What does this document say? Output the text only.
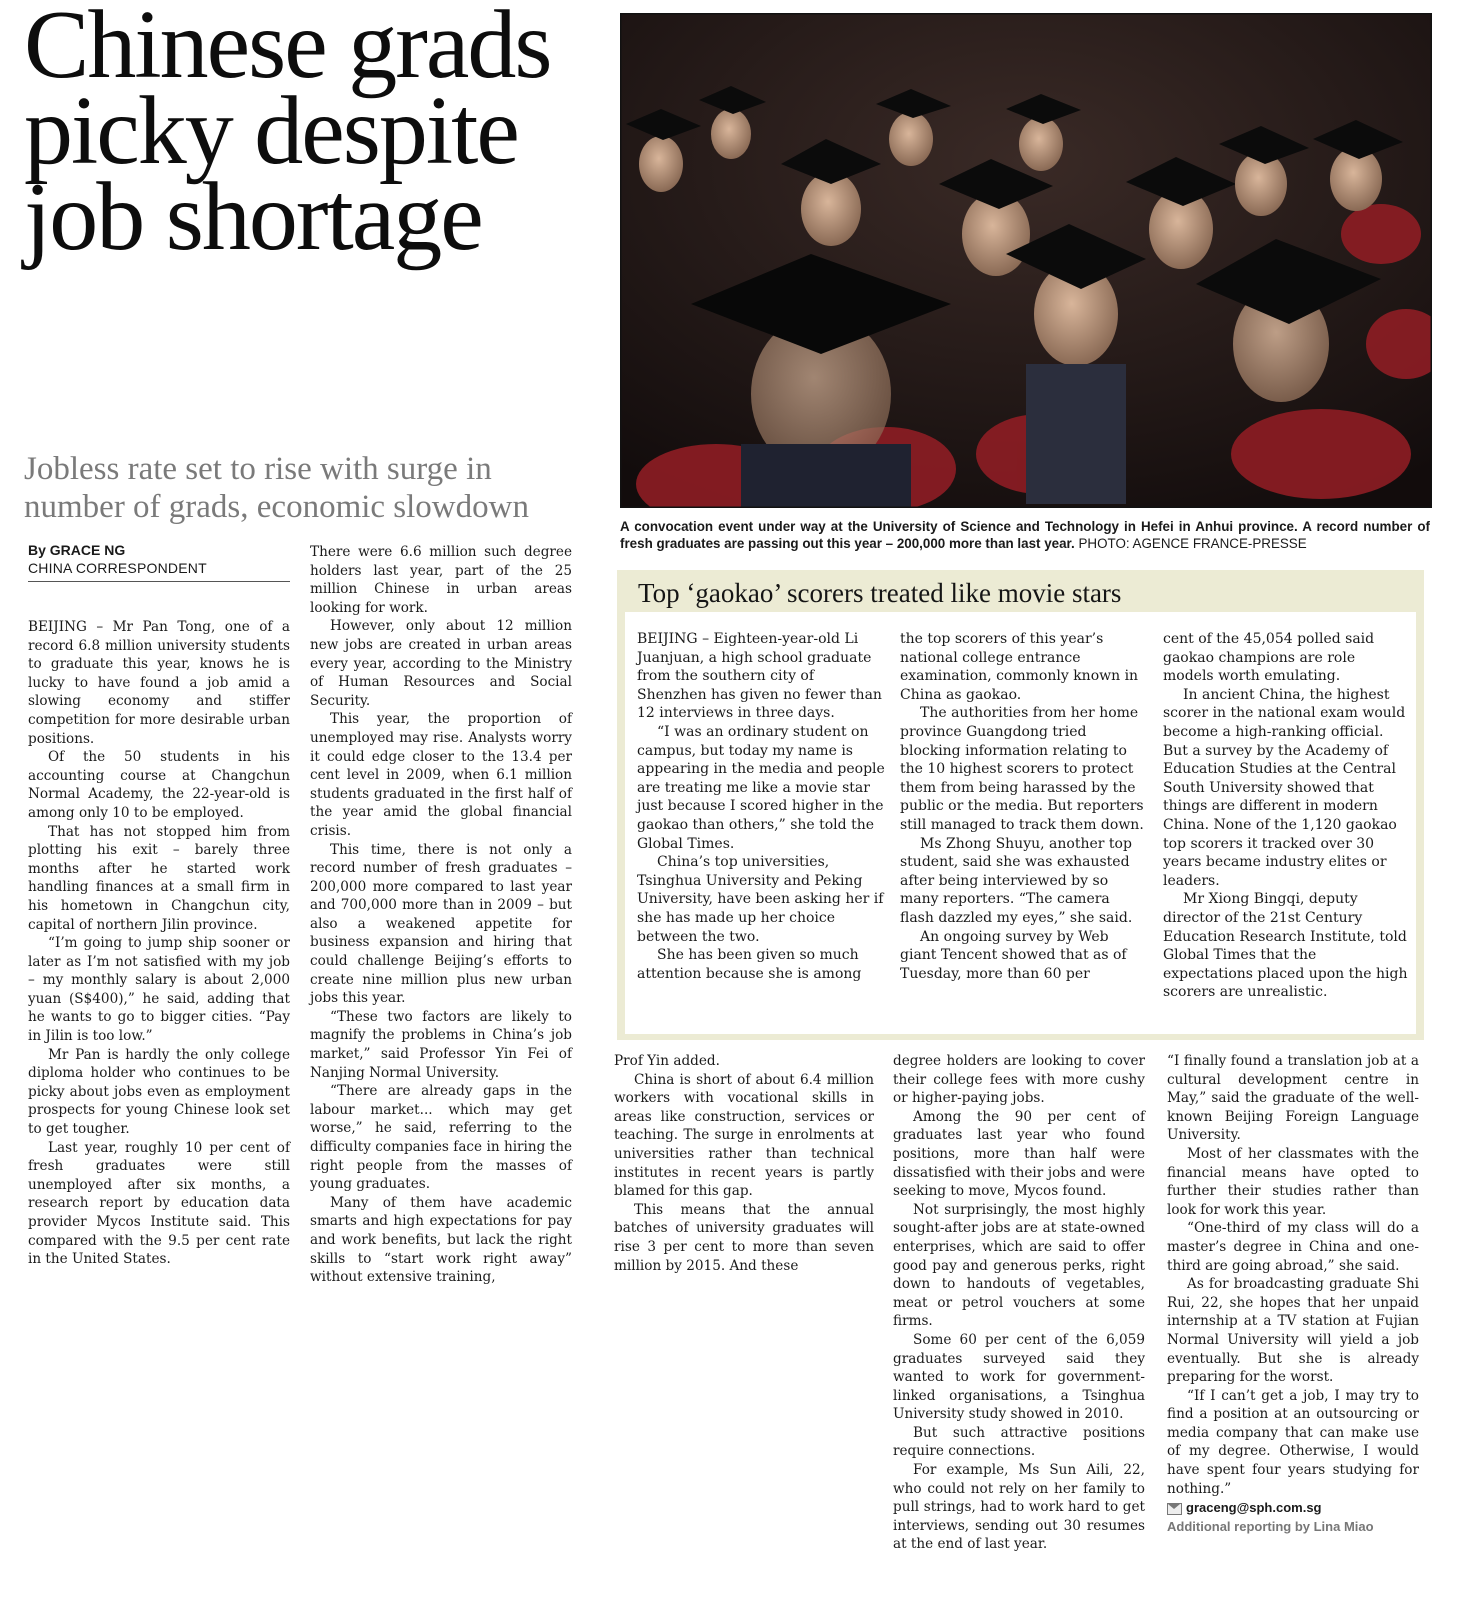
Chinese grads picky despite job shortage
Jobless rate set to rise with surge in number of grads, economic slowdown
By GRACE NG
CHINA CORRESPONDENT

BEIJING – Mr Pan Tong, one of a record 6.8 million university students to graduate this year, knows he is lucky to have found a job amid a slowing economy and stiffer competition for more desirable urban positions.

Of the 50 students in his accounting course at Changchun Normal Academy, the 22-year-old is among only 10 to be employed.

That has not stopped him from plotting his exit – barely three months after he started work handling finances at a small firm in his hometown in Changchun city, capital of northern Jilin province.

“I’m going to jump ship sooner or later as I’m not satisfied with my job – my monthly salary is about 2,000 yuan (S$400),” he said, adding that he wants to go to bigger cities. “Pay in Jilin is too low.”

Mr Pan is hardly the only college diploma holder who continues to be picky about jobs even as employment prospects for young Chinese look set to get tougher.

Last year, roughly 10 per cent of fresh graduates were still unemployed after six months, a research report by education data provider Mycos Institute said. This compared with the 9.5 per cent rate in the United States.

There were 6.6 million such degree holders last year, part of the 25 million Chinese in urban areas looking for work.

However, only about 12 million new jobs are created in urban areas every year, according to the Ministry of Human Resources and Social Security.

This year, the proportion of unemployed may rise. Analysts worry it could edge closer to the 13.4 per cent level in 2009, when 6.1 million students graduated in the first half of the year amid the global financial crisis.

This time, there is not only a record number of fresh graduates – 200,000 more compared to last year and 700,000 more than in 2009 – but also a weakened appetite for business expansion and hiring that could challenge Beijing’s efforts to create nine million plus new urban jobs this year.

“These two factors are likely to magnify the problems in China’s job market,” said Professor Yin Fei of Nanjing Normal University.

“There are already gaps in the labour market... which may get worse,” he said, referring to the difficulty companies face in hiring the right people from the masses of young graduates.

Many of them have academic smarts and high expectations for pay and work benefits, but lack the right skills to “start work right away” without extensive training,

A convocation event under way at the University of Science and Technology in Hefei in Anhui province. A record number of fresh graduates are passing out this year – 200,000 more than last year. PHOTO: AGENCE FRANCE-PRESSE
Top ‘gaokao’ scorers treated like movie stars

BEIJING – Eighteen-year-old Li Juanjuan, a high school graduate from the southern city of Shenzhen has given no fewer than 12 interviews in three days.

“I was an ordinary student on campus, but today my name is appearing in the media and people are treating me like a movie star just because I scored higher in the gaokao than others,” she told the Global Times.

China’s top universities, Tsinghua University and Peking University, have been asking her if she has made up her choice between the two.

She has been given so much attention because she is among

the top scorers of this year’s national college entrance examination, commonly known in China as gaokao.

The authorities from her home province Guangdong tried blocking information relating to the 10 highest scorers to protect them from being harassed by the public or the media. But reporters still managed to track them down.

Ms Zhong Shuyu, another top student, said she was exhausted after being interviewed by so many reporters. “The camera flash dazzled my eyes,” she said.

An ongoing survey by Web giant Tencent showed that as of Tuesday, more than 60 per

cent of the 45,054 polled said gaokao champions are role models worth emulating.

In ancient China, the highest scorer in the national exam would become a high-ranking official. But a survey by the Academy of Education Studies at the Central South University showed that things are different in modern China. None of the 1,120 gaokao top scorers it tracked over 30 years became industry elites or leaders.

Mr Xiong Bingqi, deputy director of the 21st Century Education Research Institute, told Global Times that the expectations placed upon the high scorers are unrealistic.

Prof Yin added.

China is short of about 6.4 million workers with vocational skills in areas like construction, services or teaching. The surge in enrolments at universities rather than technical institutes in recent years is partly blamed for this gap.

This means that the annual batches of university graduates will rise 3 per cent to more than seven million by 2015. And these

degree holders are looking to cover their college fees with more cushy or higher-paying jobs.

Among the 90 per cent of graduates last year who found positions, more than half were dissatisfied with their jobs and were seeking to move, Mycos found.

Not surprisingly, the most highly sought-after jobs are at state-owned enterprises, which are said to offer good pay and generous perks, right down to handouts of vegetables, meat or petrol vouchers at some firms.

Some 60 per cent of the 6,059 graduates surveyed said they wanted to work for government-linked organisations, a Tsinghua University study showed in 2010.

But such attractive positions require connections.

For example, Ms Sun Aili, 22, who could not rely on her family to pull strings, had to work hard to get interviews, sending out 30 resumes at the end of last year.

“I finally found a translation job at a cultural development centre in May,” said the graduate of the well-known Beijing Foreign Language University.

Most of her classmates with the financial means have opted to further their studies rather than look for work this year.

“One-third of my class will do a master’s degree in China and one-third are going abroad,” she said.

As for broadcasting graduate Shi Rui, 22, she hopes that her unpaid internship at a TV station at Fujian Normal University will yield a job eventually. But she is already preparing for the worst.

“If I can’t get a job, I may try to find a position at an outsourcing or media company that can make use of my degree. Otherwise, I would have spent four years studying for nothing.”

graceng@sph.com.sg
Additional reporting by Lina Miao
